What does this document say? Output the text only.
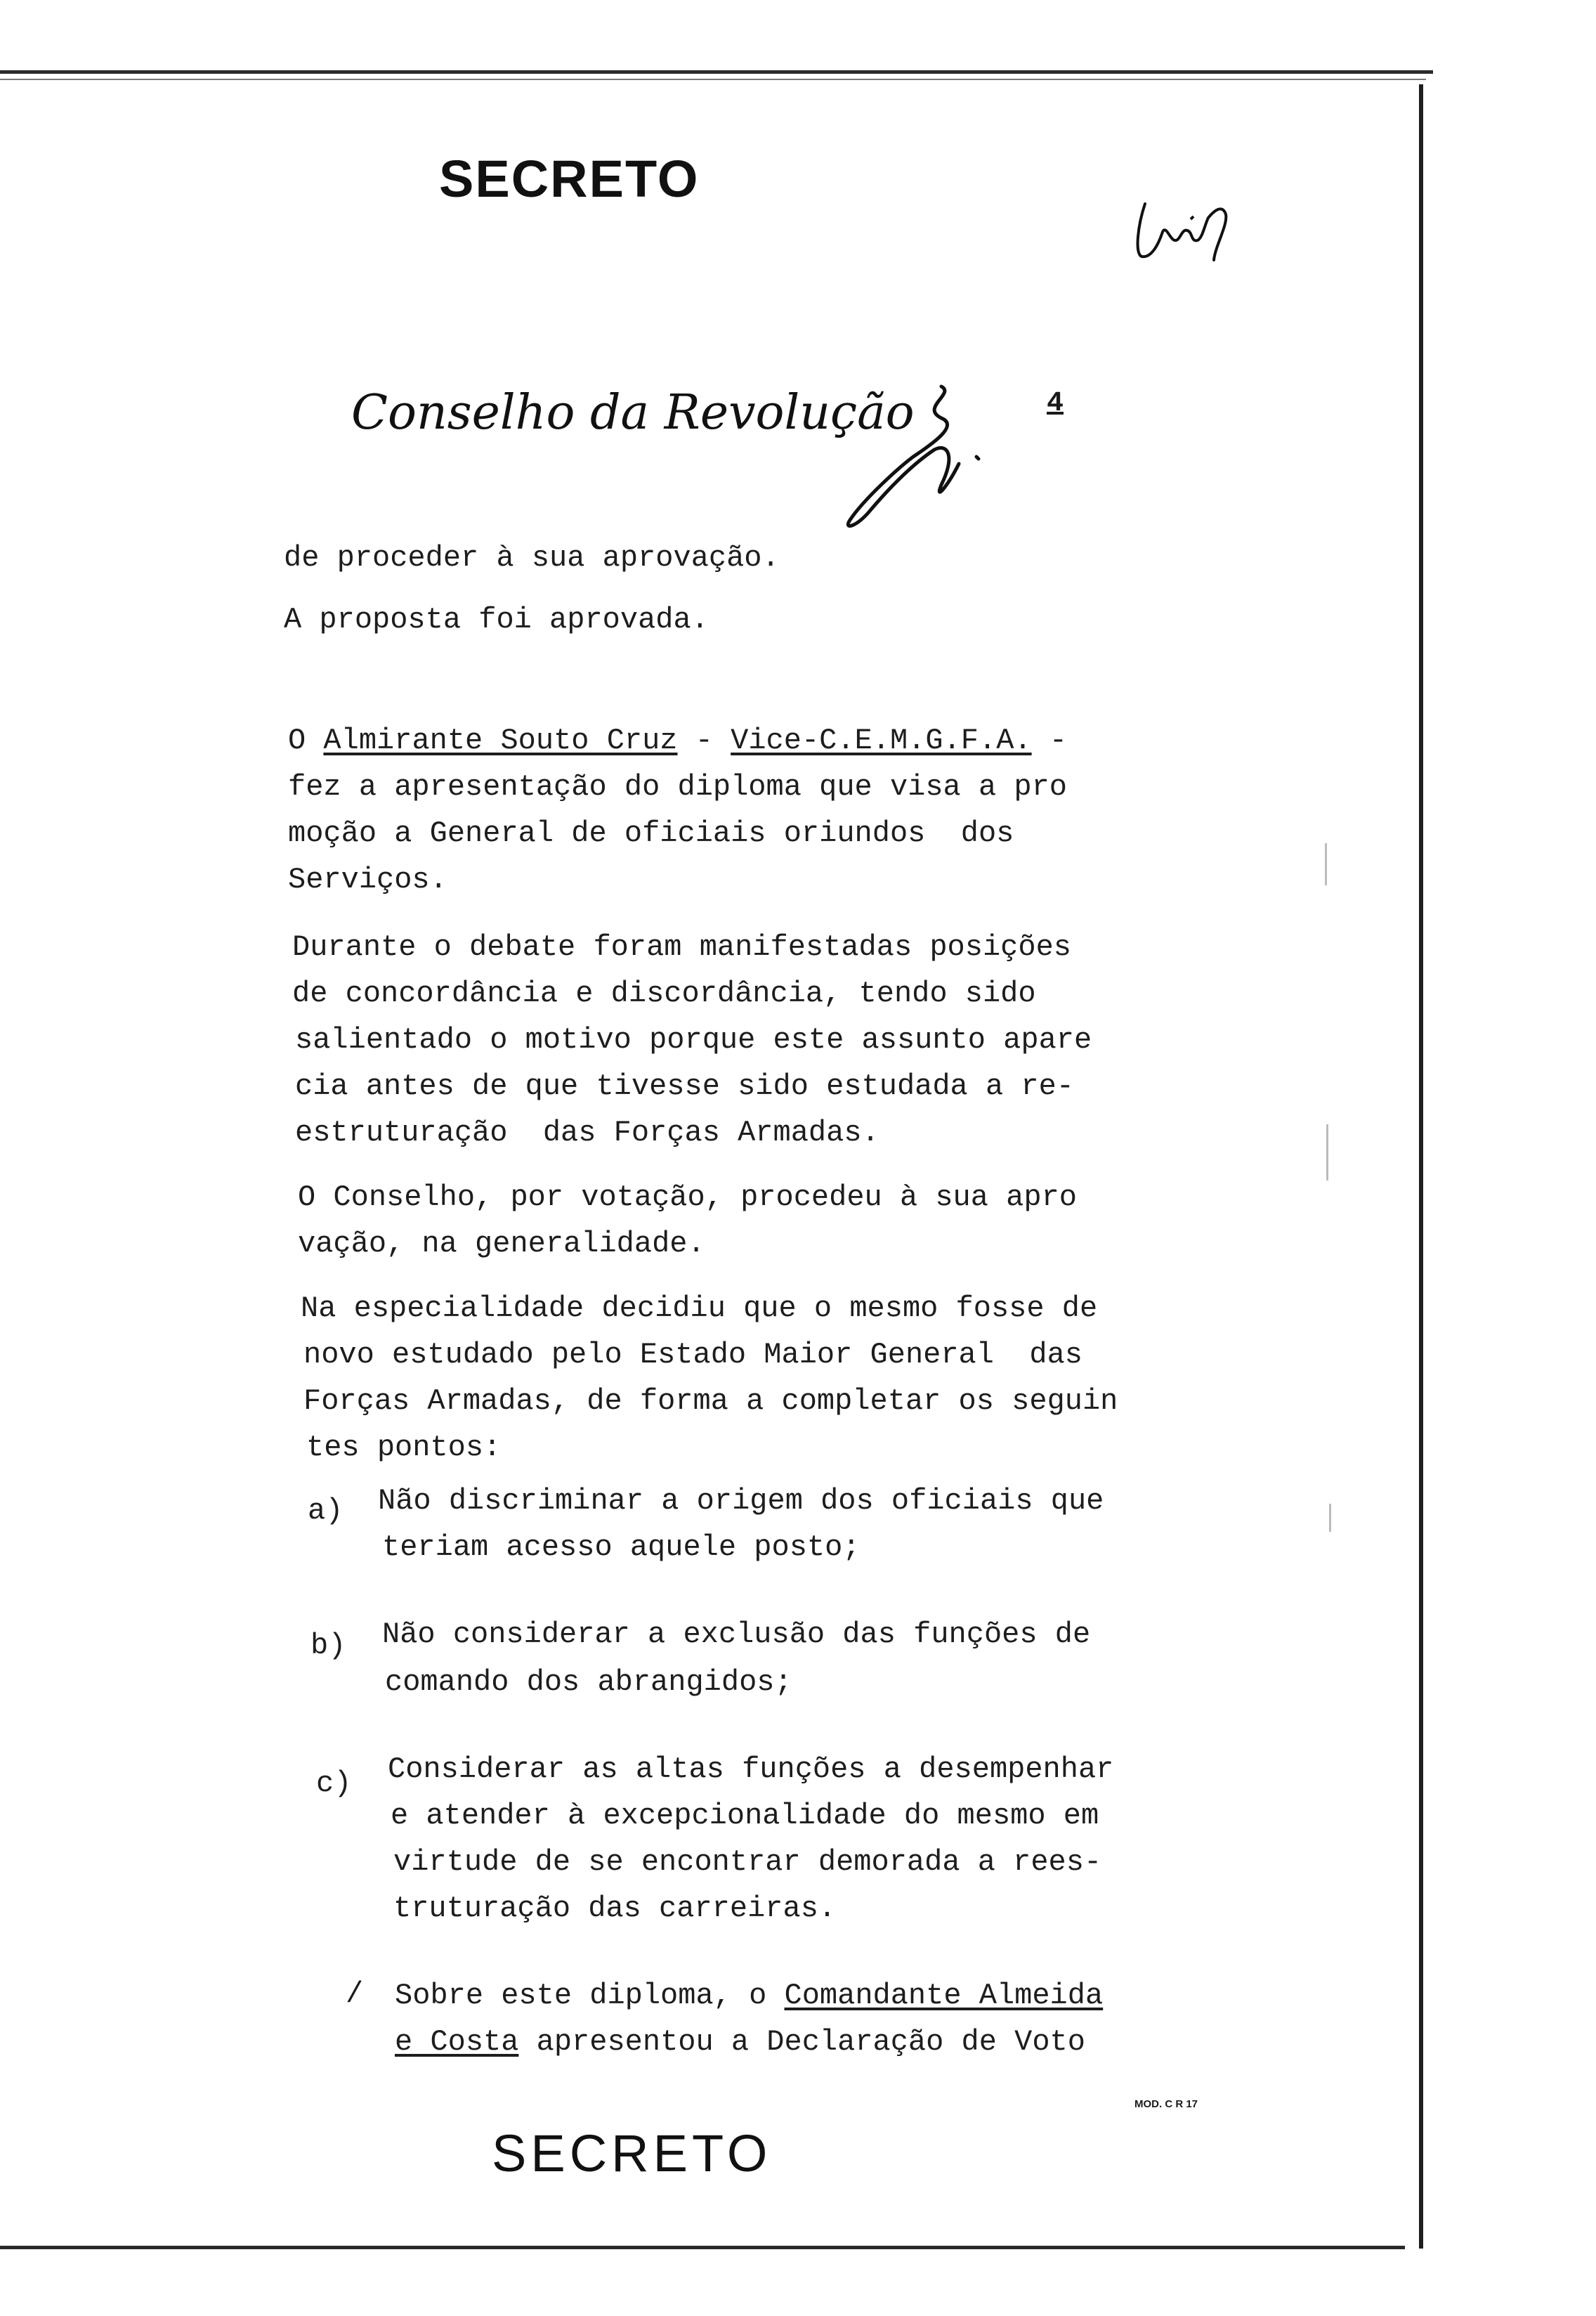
SECRETO
Conselho da Revolução	4
de proceder à sua aprovação.
A proposta foi aprovada.
O Almirante Souto Cruz - Vice-C.E.M.G.F.A. -
fez a apresentação do diploma que visa a pro
moção a General de oficiais oriundos  dos
Serviços.
Durante o debate foram manifestadas posições
de concordância e discordância, tendo sido
salientado o motivo porque este assunto apare
cia antes de que tivesse sido estudada a re-
estruturação  das Forças Armadas.
O Conselho, por votação, procedeu à sua apro
vação, na generalidade.
Na especialidade decidiu que o mesmo fosse de
novo estudado pelo Estado Maior General  das
Forças Armadas, de forma a completar os seguin
tes pontos:
a) Não discriminar a origem dos oficiais que
teriam acesso aquele posto;
b) Não considerar a exclusão das funções de
comando dos abrangidos;
c) Considerar as altas funções a desempenhar
e atender à excepcionalidade do mesmo em
virtude de se encontrar demorada a rees-
truturação das carreiras.
/ Sobre este diploma, o Comandante Almeida
e Costa apresentou a Declaração de Voto
MOD. C R 17
SECRETO
